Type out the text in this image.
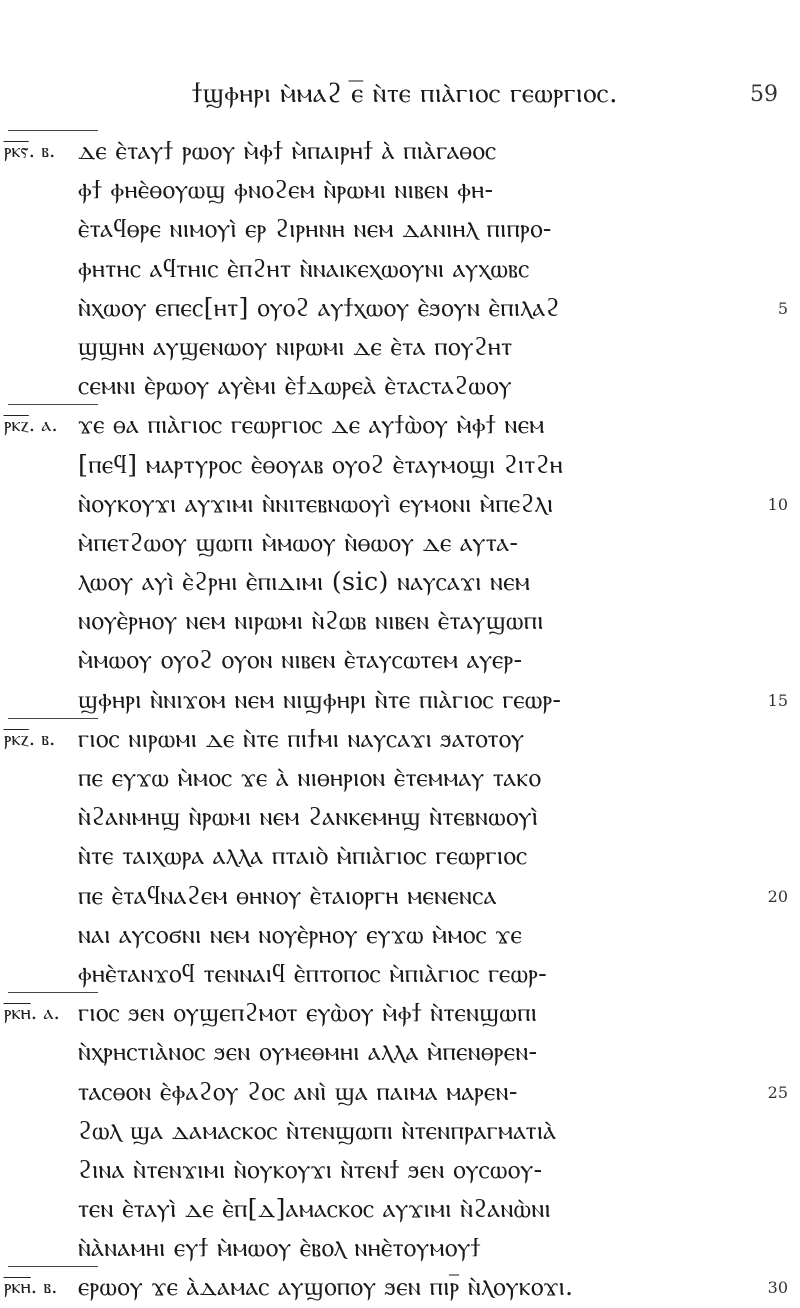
ϯϣⲫⲏⲣⲓ ⲙ̀ⲙⲁϩ ⲉ̅ ⲛ̀ⲧⲉ ⲡⲓⲁ̀ⲅⲓⲟⲥ ⲅⲉⲱⲣⲅⲓⲟⲥ.	59
ⲣ̅ⲕ̅ⲋ̅. ⲃ. ⲇⲉ ⲉ̀ⲧⲁⲩϯ ⲣⲱⲟⲩ ⲙ̀ⲫϯ ⲙ̀ⲡⲁⲓⲣⲏϯ ⲁ̀ ⲡⲓⲁ̀ⲅⲁⲑⲟⲥ
ⲫϯ ⲫⲏⲉ̀ⲑⲟⲩⲱϣ ⲫⲛⲟϩⲉⲙ ⲛ̀ⲣⲱⲙⲓ ⲛⲓⲃⲉⲛ ⲫⲏ-
ⲉ̀ⲧⲁϥⲑⲣⲉ ⲛⲓⲙⲟⲩⲓ̀ ⲉⲣ ϩⲓⲣⲏⲛⲏ ⲛⲉⲙ ⲇⲁⲛⲓⲏⲗ ⲡⲓⲡⲣⲟ-
ⲫⲏⲧⲏⲥ ⲁϥⲧⲏⲓⲥ ⲉ̀ⲡϩⲏⲧ ⲛ̀ⲛⲁⲓⲕⲉⲭⲱⲟⲩⲛⲓ ⲁⲩⲭⲱⲃⲥ
ⲛ̀ⲭⲱⲟⲩ ⲉⲡⲉⲥ[ⲏⲧ] ⲟⲩⲟϩ ⲁⲩϯⲭⲱⲟⲩ ⲉ̀ϧⲟⲩⲛ ⲉ̀ⲡⲓⲗⲁϩ	5
ϣϣⲏⲛ ⲁⲩϣⲉⲛⲱⲟⲩ ⲛⲓⲣⲱⲙⲓ ⲇⲉ ⲉ̀ⲧⲁ ⲡⲟⲩϩⲏⲧ
ⲥⲉⲙⲛⲓ ⲉ̀ⲣⲱⲟⲩ ⲁⲩⲉ̀ⲙⲓ ⲉ̀ϯⲇⲱⲣⲉⲁ̀ ⲉ̀ⲧⲁⲥⲧⲁϩⲱⲟⲩ
ⲣ̅ⲕ̅ⲍ̅. ⲁ. ϫⲉ ⲑⲁ ⲡⲓⲁ̀ⲅⲓⲟⲥ ⲅⲉⲱⲣⲅⲓⲟⲥ ⲇⲉ ⲁⲩϯⲱ̀ⲟⲩ ⲙ̀ⲫϯ ⲛⲉⲙ
[ⲡⲉϥ] ⲙⲁⲣⲧⲩⲣⲟⲥ ⲉ̀ⲑⲟⲩⲁⲃ ⲟⲩⲟϩ ⲉ̀ⲧⲁⲩⲙⲟϣⲓ ϩⲓⲧϩⲏ
ⲛ̀ⲟⲩⲕⲟⲩϫⲓ ⲁⲩϫⲓⲙⲓ ⲛ̀ⲛⲓⲧⲉⲃⲛⲱⲟⲩⲓ̀ ⲉⲩⲙⲟⲛⲓ ⲙ̀ⲡⲉϩⲗⲓ	10
ⲙ̀ⲡⲉⲧϩⲱⲟⲩ ϣⲱⲡⲓ ⲙ̀ⲙⲱⲟⲩ ⲛ̀ⲑⲱⲟⲩ ⲇⲉ ⲁⲩⲧⲁ-
ⲗⲱⲟⲩ ⲁⲩⲓ̀ ⲉ̀ϩⲣⲏⲓ ⲉ̀ⲡⲓⲇⲓⲙⲓ (sic) ⲛⲁⲩⲥⲁϫⲓ ⲛⲉⲙ
ⲛⲟⲩⲉ̀ⲣⲏⲟⲩ ⲛⲉⲙ ⲛⲓⲣⲱⲙⲓ ⲛ̀ϩⲱⲃ ⲛⲓⲃⲉⲛ ⲉ̀ⲧⲁⲩϣⲱⲡⲓ
ⲙ̀ⲙⲱⲟⲩ ⲟⲩⲟϩ ⲟⲩⲟⲛ ⲛⲓⲃⲉⲛ ⲉ̀ⲧⲁⲩⲥⲱⲧⲉⲙ ⲁⲩⲉⲣ-
ϣⲫⲏⲣⲓ ⲛ̀ⲛⲓϫⲟⲙ ⲛⲉⲙ ⲛⲓϣⲫⲏⲣⲓ ⲛ̀ⲧⲉ ⲡⲓⲁ̀ⲅⲓⲟⲥ ⲅⲉⲱⲣ-	15
ⲣ̅ⲕ̅ⲍ̅. ⲃ. ⲅⲓⲟⲥ ⲛⲓⲣⲱⲙⲓ ⲇⲉ ⲛ̀ⲧⲉ ⲡⲓϯⲙⲓ ⲛⲁⲩⲥⲁϫⲓ ϧⲁⲧⲟⲧⲟⲩ
ⲡⲉ ⲉⲩϫⲱ ⲙ̀ⲙⲟⲥ ϫⲉ ⲁ̀ ⲛⲓⲑⲏⲣⲓⲟⲛ ⲉ̀ⲧⲉⲙⲙⲁⲩ ⲧⲁⲕⲟ
ⲛ̀ϩⲁⲛⲙⲏϣ ⲛ̀ⲣⲱⲙⲓ ⲛⲉⲙ ϩⲁⲛⲕⲉⲙⲏϣ ⲛ̀ⲧⲉⲃⲛⲱⲟⲩⲓ̀
ⲛ̀ⲧⲉ ⲧⲁⲓⲭⲱⲣⲁ ⲁⲗⲗⲁ ⲡⲧⲁⲓⲟ̀ ⲙ̀ⲡⲓⲁ̀ⲅⲓⲟⲥ ⲅⲉⲱⲣⲅⲓⲟⲥ
ⲡⲉ ⲉ̀ⲧⲁϥⲛⲁϩⲉⲙ ⲑⲏⲛⲟⲩ ⲉ̀ⲧⲁⲓⲟⲣⲅⲏ ⲙⲉⲛⲉⲛⲥⲁ	20
ⲛⲁⲓ ⲁⲩⲥⲟϭⲛⲓ ⲛⲉⲙ ⲛⲟⲩⲉ̀ⲣⲏⲟⲩ ⲉⲩϫⲱ ⲙ̀ⲙⲟⲥ ϫⲉ
ⲫⲏⲉ̀ⲧⲁⲛϫⲟϥ ⲧⲉⲛⲛⲁⲓϥ ⲉ̀ⲡⲧⲟⲡⲟⲥ ⲙ̀ⲡⲓⲁ̀ⲅⲓⲟⲥ ⲅⲉⲱⲣ-
ⲣ̅ⲕ̅ⲏ̅. ⲁ. ⲅⲓⲟⲥ ϧⲉⲛ ⲟⲩϣⲉⲡϩⲙⲟⲧ ⲉⲩⲱ̀ⲟⲩ ⲙ̀ⲫϯ ⲛ̀ⲧⲉⲛϣⲱⲡⲓ
ⲛ̀ⲭⲣⲏⲥⲧⲓⲁ̀ⲛⲟⲥ ϧⲉⲛ ⲟⲩⲙⲉⲑⲙⲏⲓ ⲁⲗⲗⲁ ⲙ̀ⲡⲉⲛⲑⲣⲉⲛ-
ⲧⲁⲥⲑⲟⲛ ⲉ̀ⲫⲁϩⲟⲩ ϩⲟⲥ ⲁⲛⲓ̀ ϣⲁ ⲡⲁⲓⲙⲁ ⲙⲁⲣⲉⲛ-	25
ϩⲱⲗ ϣⲁ ⲇⲁⲙⲁⲥⲕⲟⲥ ⲛ̀ⲧⲉⲛϣⲱⲡⲓ ⲛ̀ⲧⲉⲛⲡⲣⲁⲅⲙⲁⲧⲓⲁ̀
ϩⲓⲛⲁ ⲛ̀ⲧⲉⲛϫⲓⲙⲓ ⲛ̀ⲟⲩⲕⲟⲩϫⲓ ⲛ̀ⲧⲉⲛϯ ϧⲉⲛ ⲟⲩⲥⲱⲟⲩ-
ⲧⲉⲛ ⲉ̀ⲧⲁⲩⲓ̀ ⲇⲉ ⲉ̀ⲡ[ⲇ]ⲁⲙⲁⲥⲕⲟⲥ ⲁⲩϫⲓⲙⲓ ⲛ̀ϩⲁⲛⲱ̀ⲛⲓ
ⲛ̀ⲁ̀ⲛⲁⲙⲏⲓ ⲉⲩϯ ⲙ̀ⲙⲱⲟⲩ ⲉ̀ⲃⲟⲗ ⲛⲏⲉ̀ⲧⲟⲩⲙⲟⲩϯ
ⲣ̅ⲕ̅ⲏ̅. ⲃ. ⲉⲣⲱⲟⲩ ϫⲉ ⲁ̀ⲇⲁⲙⲁⲥ ⲁⲩϣⲟⲡⲟⲩ ϧⲉⲛ ⲡⲓⲣ̅ ⲛ̀ⲗⲟⲩⲕⲟϫⲓ.	30
